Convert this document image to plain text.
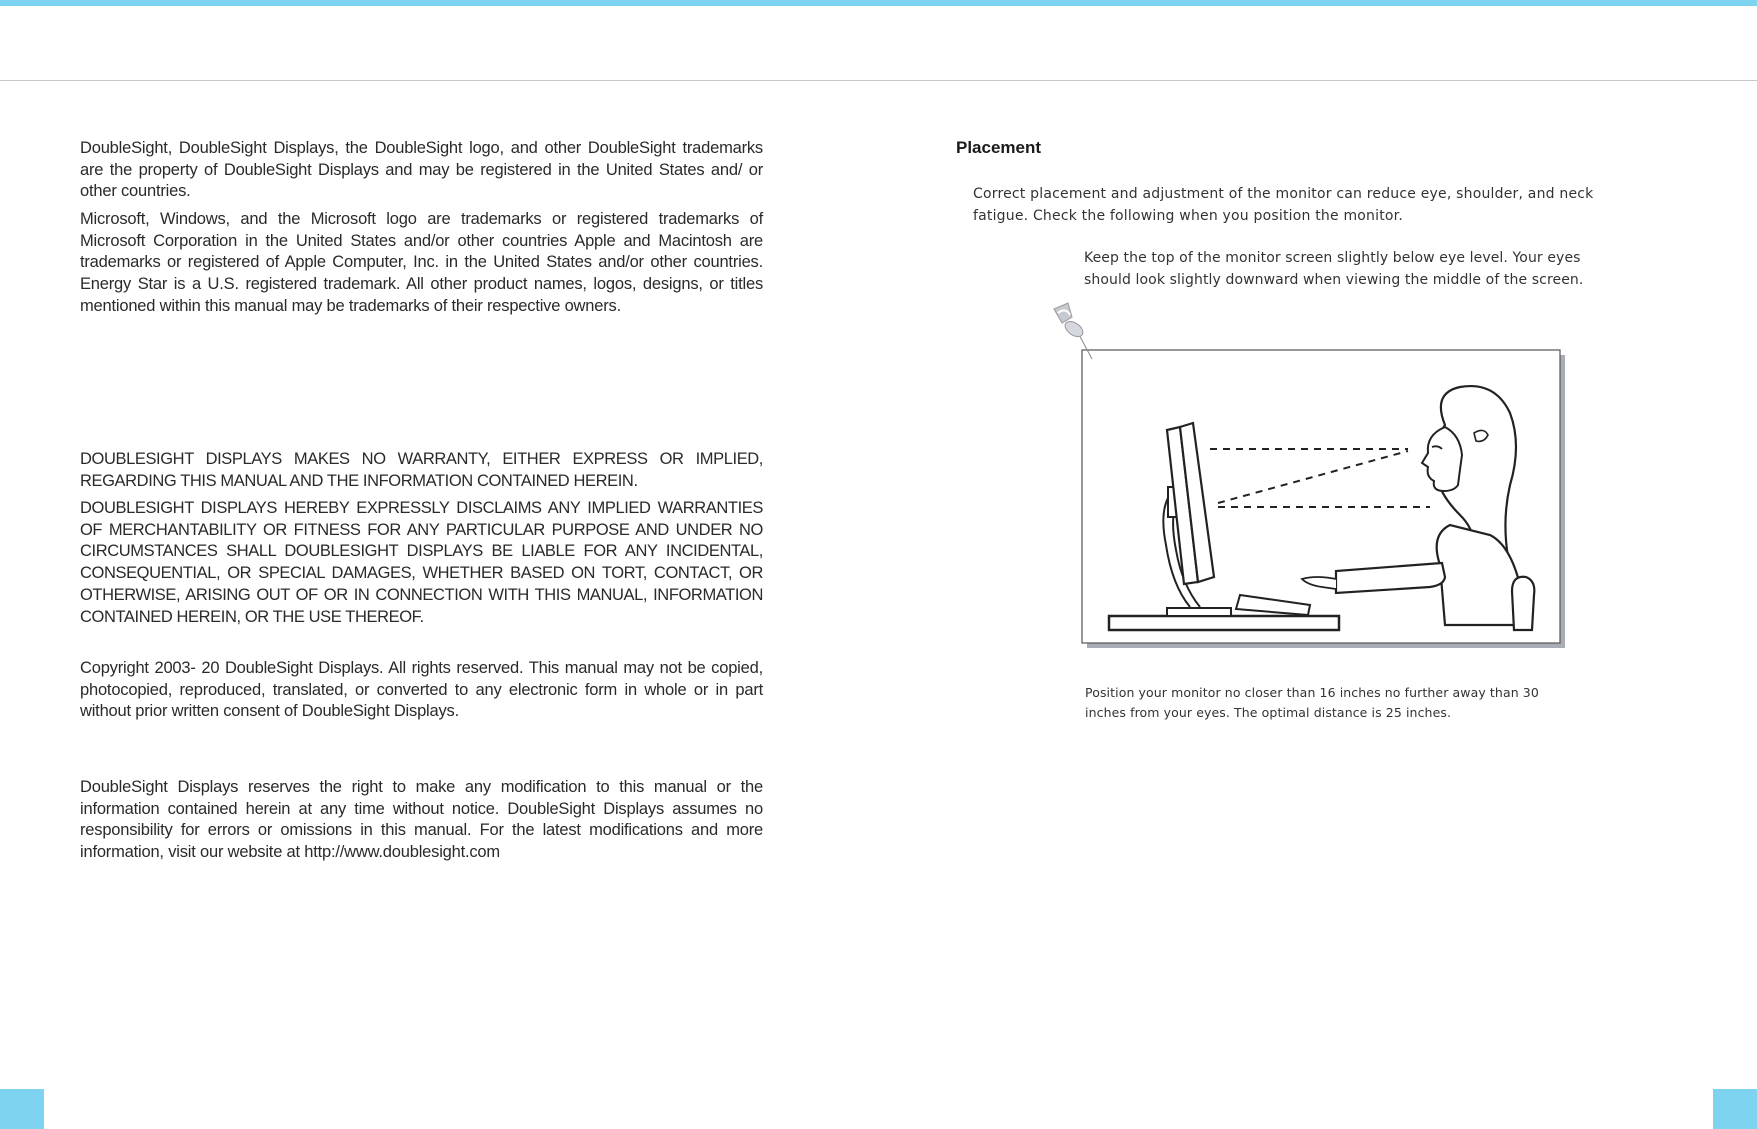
DoubleSight, DoubleSight Displays, the DoubleSight logo, and other DoubleSight trademarks are the property of DoubleSight Displays and may be registered in the United States and/ or other countries.

Microsoft, Windows, and the Microsoft logo are trademarks or registered trademarks of Microsoft Corporation in the United States and/or other countries Apple and Macintosh are trademarks or registered of Apple Computer, Inc. in the United States and/or other countries. Energy Star is a U.S. registered trademark. All other product names, logos, designs, or titles mentioned within this manual may be trademarks of their respective owners.

DOUBLESIGHT DISPLAYS MAKES NO WARRANTY, EITHER EXPRESS OR IMPLIED, REGARDING THIS MANUAL AND THE INFORMATION CONTAINED HEREIN.

DOUBLESIGHT DISPLAYS HEREBY EXPRESSLY DISCLAIMS ANY IMPLIED WARRANTIES OF MERCHANTABILITY OR FITNESS FOR ANY PARTICULAR PURPOSE AND UNDER NO CIRCUMSTANCES SHALL DOUBLESIGHT DISPLAYS BE LIABLE FOR ANY INCIDENTAL, CONSEQUENTIAL, OR SPECIAL DAMAGES, WHETHER BASED ON TORT, CONTACT, OR OTHERWISE, ARISING OUT OF OR IN CONNECTION WITH THIS MANUAL, INFORMATION CONTAINED HEREIN, OR THE USE THEREOF.

Copyright 2003- 20 DoubleSight Displays. All rights reserved. This manual may not be copied, photocopied, reproduced, translated, or converted to any electronic form in whole or in part without prior written consent of DoubleSight Displays.

DoubleSight Displays reserves the right to make any modification to this manual or the information contained herein at any time without notice. DoubleSight Displays assumes no responsibility for errors or omissions in this manual. For the latest modifications and more information, visit our website at http://www.doublesight.com

Placement

Correct placement and adjustment of the monitor can reduce eye, shoulder, and neck fatigue. Check the following when you position the monitor.

Keep the top of the monitor screen slightly below eye level. Your eyes should look slightly downward when viewing the middle of the screen.

Position your monitor no closer than 16 inches no further away than 30 inches from your eyes. The optimal distance is 25 inches.
